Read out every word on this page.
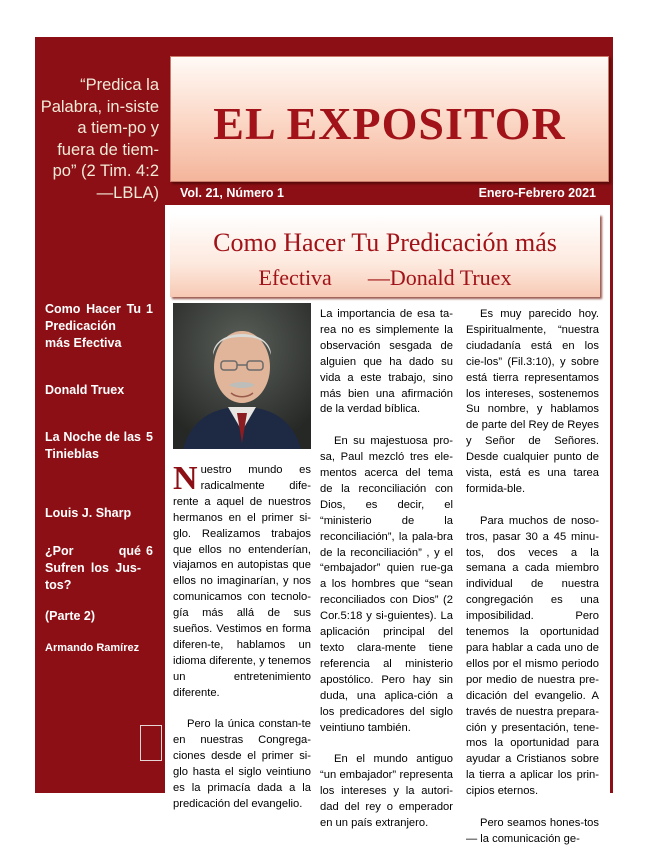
“Predica la Palabra, in-siste a tiem-po y fuera de tiem-po” (2 Tim. 4:2 —LBLA)
Como Hacer Tu Predicación más Efectiva
1
Donald Truex
La Noche de las Tinieblas
5
Louis J. Sharp
¿Por qué Sufren los Jus-tos?
6
(Parte 2)
Armando Ramírez
EL EXPOSITOR
Vol. 21, Número 1	Enero-Febrero 2021
Como Hacer Tu Predicación más
Efectiva —Donald Truex

Nuestro mundo es radicalmente dife-rente a aquel de nuestros hermanos en el primer si-glo. Realizamos trabajos que ellos no entenderían, viajamos en autopistas que ellos no imaginarían, y nos comunicamos con tecnolo-gía más allá de sus sueños. Vestimos en forma diferen-te, hablamos un idioma diferente, y tenemos un entretenimiento diferente.

Pero la única constan-te en nuestras Congrega-ciones desde el primer si-glo hasta el siglo veintiuno es la primacía dada a la predicación del evangelio.

La importancia de esa ta-rea no es simplemente la observación sesgada de alguien que ha dado su vida a este trabajo, sino más bien una afirmación de la verdad bíblica.

En su majestuosa pro-sa, Paul mezcló tres ele-mentos acerca del tema de la reconciliación con Dios, es decir, el “ministerio de la reconciliación”, la pala-bra de la reconciliación” , y el “embajador” quien rue-ga a los hombres que “sean reconciliados con Dios” (2 Cor.5:18 y si-guientes). La aplicación principal del texto clara-mente tiene referencia al ministerio apostólico. Pero hay sin duda, una aplica-ción a los predicadores del siglo veintiuno también.

En el mundo antiguo “un embajador” representa los intereses y la autori-dad del rey o emperador en un país extranjero.

Es muy parecido hoy. Espiritualmente, “nuestra ciudadanía está en los cie-los” (Fil.3:10), y sobre está tierra representamos los intereses, sostenemos Su nombre, y hablamos de parte del Rey de Reyes y Señor de Señores. Desde cualquier punto de vista, está es una tarea formida-ble.

Para muchos de noso-tros, pasar 30 a 45 minu-tos, dos veces a la semana a cada miembro individual de nuestra congregación es una imposibilidad. Pero tenemos la oportunidad para hablar a cada uno de ellos por el mismo periodo por medio de nuestra pre-dicación del evangelio. A través de nuestra prepara-ción y presentación, tene-mos la oportunidad para ayudar a Cristianos sobre la tierra a aplicar los prin-cipios eternos.

Pero seamos hones-tos— la comunicación ge-
